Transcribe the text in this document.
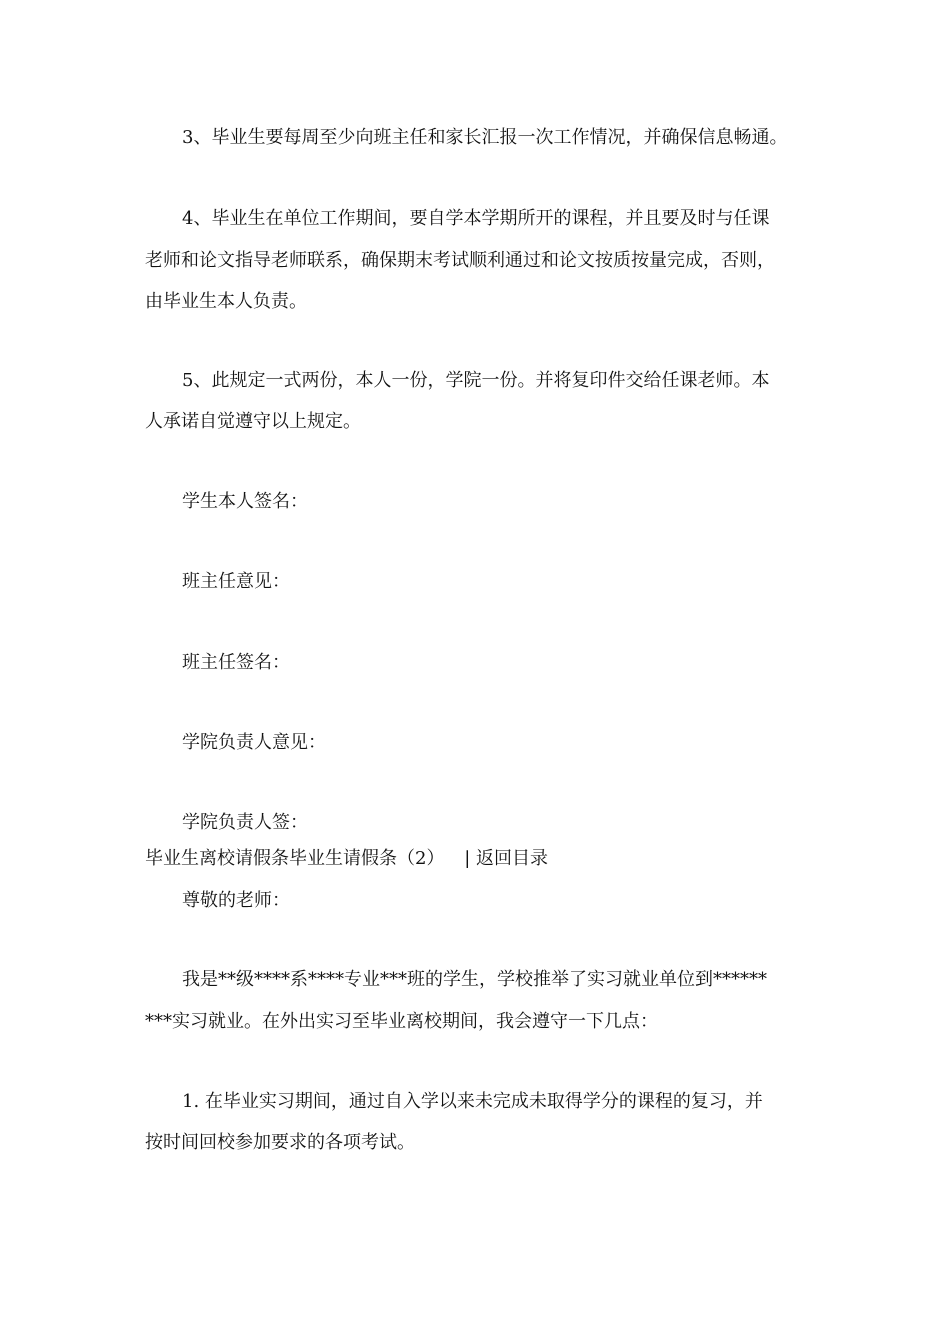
3、毕业生要每周至少向班主任和家长汇报一次工作情况，并确保信息畅通。
4、毕业生在单位工作期间，要自学本学期所开的课程，并且要及时与任课
老师和论文指导老师联系，确保期末考试顺利通过和论文按质按量完成，否则，
由毕业生本人负责。
5、此规定一式两份，本人一份，学院一份。并将复印件交给任课老师。本
人承诺自觉遵守以上规定。
学生本人签名：
班主任意见：
班主任签名：
学院负责人意见：
学院负责人签：
毕业生离校请假条毕业生请假条（2） | 返回目录
尊敬的老师：
我是**级****系****专业***班的学生，学校推举了实习就业单位到******
***实习就业。在外出实习至毕业离校期间，我会遵守一下几点：
1. 在毕业实习期间，通过自入学以来未完成未取得学分的课程的复习，并
按时间回校参加要求的各项考试。
